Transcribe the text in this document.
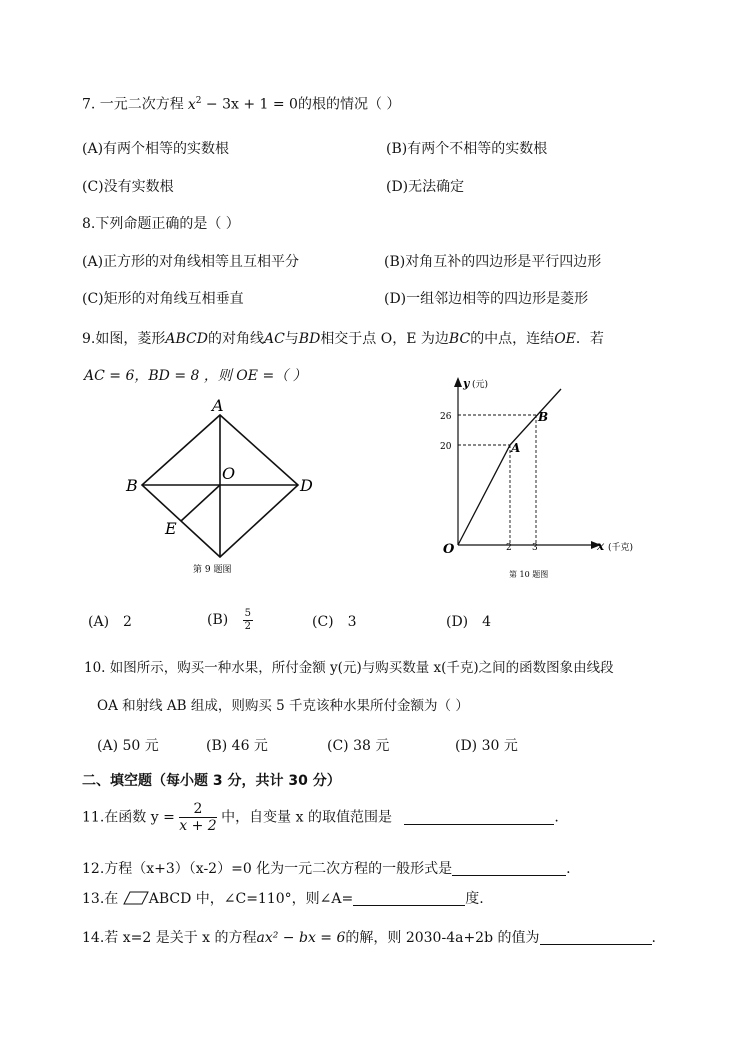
7. 一元二次方程 $x^2 - 3x + 1 = 0$的根的情况（ ）
(A)有两个相等的实数根	(B)有两个不相等的实数根
(C)没有实数根	(D)无法确定
8.下列命题正确的是（ ）
(A)正方形的对角线相等且互相平分	(B)对角互补的四边形是平行四边形
(C)矩形的对角线互相垂直	(D)一组邻边相等的四边形是菱形
9.如图，菱形ABCD的对角线AC与BD相交于点 O，E 为边BC的中点，连结OE．若
AC = 6，BD = 8 ，则 OE =（ ）
A
B	D
O
E
第 9 题图
y (元)
26
20
O	2 3	x (千克)
A
B
第 10 题图
(A) 2	$(B) \frac{5}{2}$	(C) 3	(D) 4
10. 如图所示，购买一种水果，所付金额 y(元)与购买数量 x(千克)之间的函数图象由线段
OA 和射线 AB 组成，则购买 5 千克该种水果所付金额为（ ）
(A) 50 元	(B) 46 元	(C) 38 元	(D) 30 元
二、填空题（每小题 3 分，共计 30 分）
11.在函数 $y = \frac{2}{x + 2}$ 中，自变量 x 的取值范围是	.
12.方程（x+3）（x-2）=0 化为一元二次方程的一般形式是	.
13.在 ABCD 中，∠C=110°，则∠A=	度.
14.若 x=2 是关于 x 的方程ax² − bx = 6的解，则 2030-4a+2b 的值为	.
